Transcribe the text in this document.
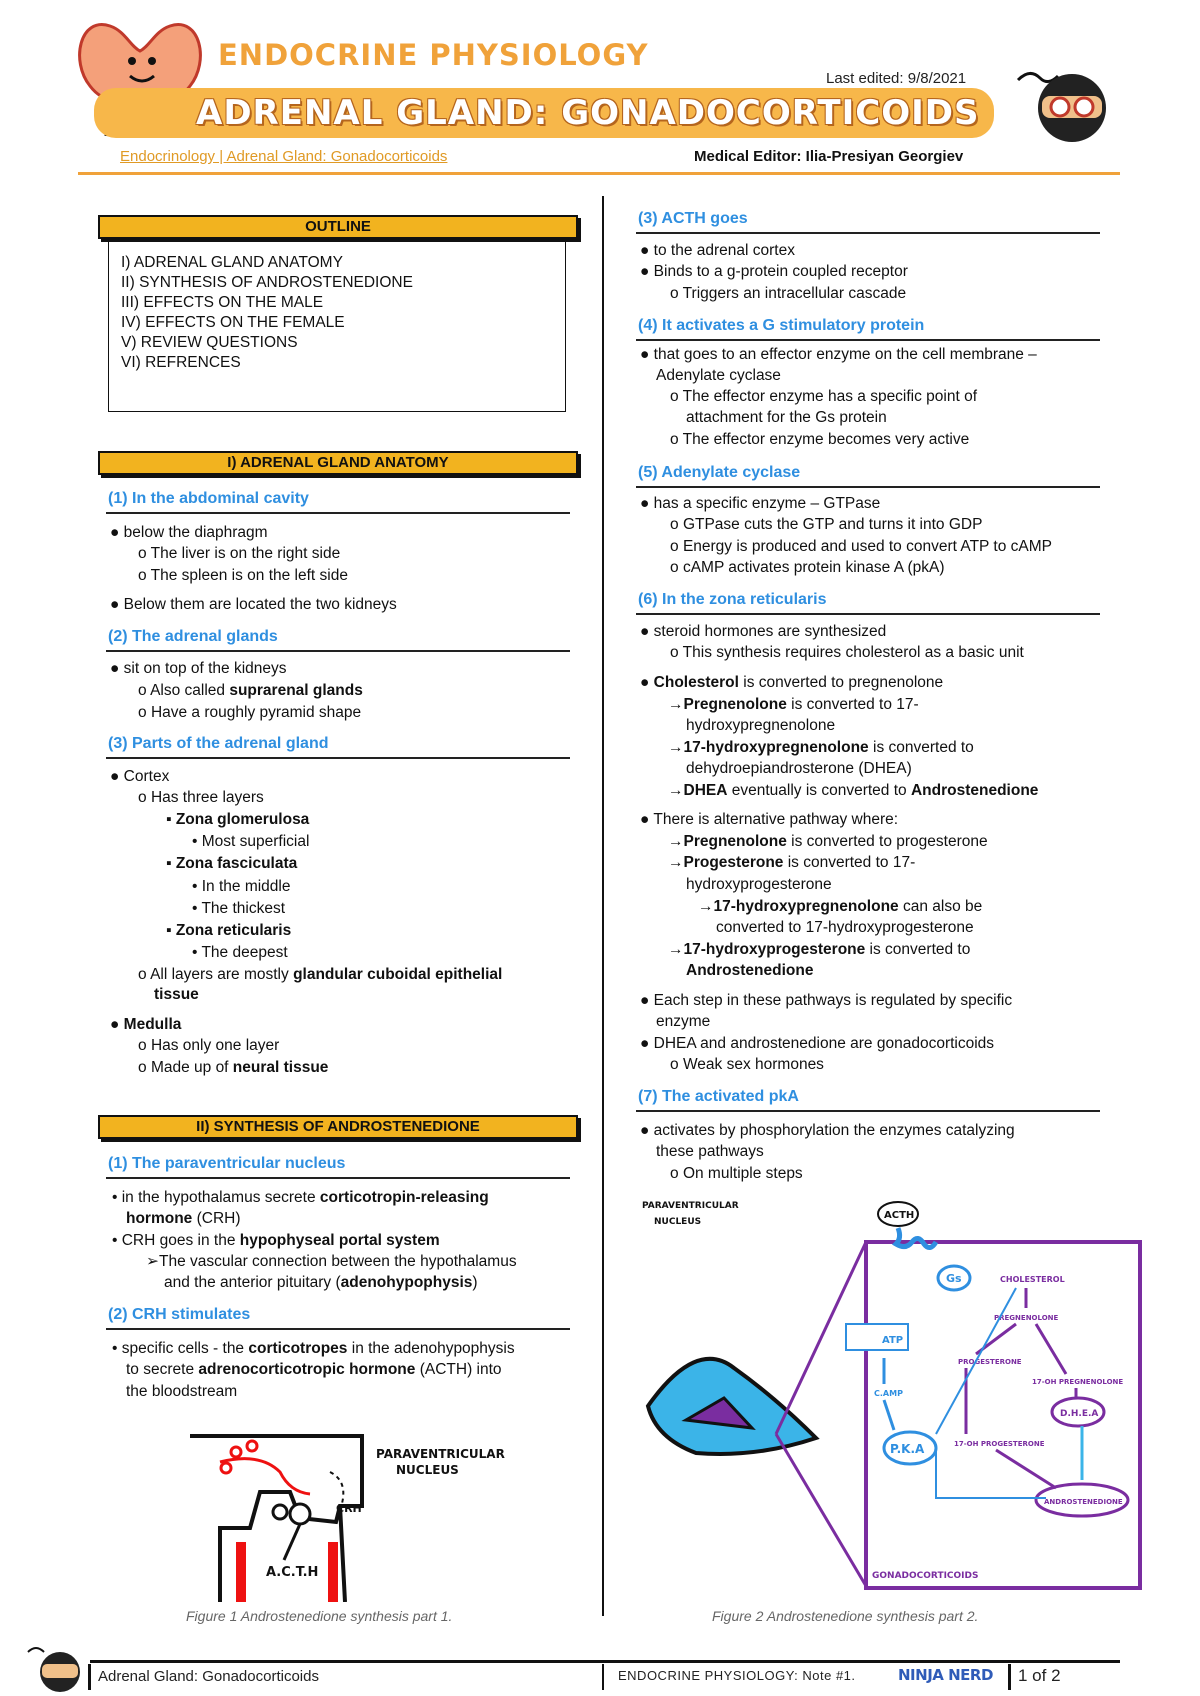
ENDOCRINE PHYSIOLOGY
Last edited: 9/8/2021
ADRENAL GLAND: GONADOCORTICOIDS
Endocrinology | Adrenal Gland: Gonadocorticoids	Medical Editor: Ilia-Presiyan Georgiev
OUTLINE
I) ADRENAL GLAND ANATOMY
II) SYNTHESIS OF ANDROSTENEDIONE
III) EFFECTS ON THE MALE
IV) EFFECTS ON THE FEMALE
V) REVIEW QUESTIONS
VI) REFRENCES
I) ADRENAL GLAND ANATOMY
(1) In the abdominal cavity
● below the diaphragm
o The liver is on the right side
o The spleen is on the left side
● Below them are located the two kidneys
(2) The adrenal glands
● sit on top of the kidneys
o Also called suprarenal glands
o Have a roughly pyramid shape
(3) Parts of the adrenal gland
● Cortex
o Has three layers
▪ Zona glomerulosa
• Most superficial
▪ Zona fasciculata
• In the middle
• The thickest
▪ Zona reticularis
• The deepest
o All layers are mostly glandular cuboidal epithelial
tissue
● Medulla
o Has only one layer
o Made up of neural tissue
II) SYNTHESIS OF ANDROSTENEDIONE
(1) The paraventricular nucleus
• in the hypothalamus secrete corticotropin-releasing
hormone (CRH)
• CRH goes in the hypophyseal portal system
➢The vascular connection between the hypothalamus
and the anterior pituitary (adenohypophysis)
(2) CRH stimulates
• specific cells - the corticotropes in the adenohypophysis
to secrete adrenocorticotropic hormone (ACTH) into
the bloodstream
PARAVENTRICULAR
NUCLEUS
CRH
A.C.T.H
Figure 1 Androstenedione synthesis part 1.
(3) ACTH goes
● to the adrenal cortex
● Binds to a g-protein coupled receptor
o Triggers an intracellular cascade
(4) It activates a G stimulatory protein
● that goes to an effector enzyme on the cell membrane –
Adenylate cyclase
o The effector enzyme has a specific point of
attachment for the Gs protein
o The effector enzyme becomes very active
(5) Adenylate cyclase
● has a specific enzyme – GTPase
o GTPase cuts the GTP and turns it into GDP
o Energy is produced and used to convert ATP to cAMP
o cAMP activates protein kinase A (pkA)
(6) In the zona reticularis
● steroid hormones are synthesized
o This synthesis requires cholesterol as a basic unit
● Cholesterol is converted to pregnenolone
→Pregnenolone is converted to 17-
hydroxypregnenolone
→17-hydroxypregnenolone is converted to
dehydroepiandrosterone (DHEA)
→DHEA eventually is converted to Androstenedione
● There is alternative pathway where:
→Pregnenolone is converted to progesterone
→Progesterone is converted to 17-
hydroxyprogesterone
→17-hydroxypregnenolone can also be
converted to 17-hydroxyprogesterone
→17-hydroxyprogesterone is converted to
Androstenedione
● Each step in these pathways is regulated by specific
enzyme
● DHEA and androstenedione are gonadocorticoids
o Weak sex hormones
(7) The activated pkA
● activates by phosphorylation the enzymes catalyzing
these pathways
o On multiple steps
PARAVENTRICULAR
NUCLEUS
ACTH
Gs
ATP
C.AMP
P.K.A
CHOLESTEROL
PREGNENOLONE
PROGESTERONE
17-OH PREGNENOLONE
D.H.E.A
17-OH PROGESTERONE
ANDROSTENEDIONE
GONADOCORTICOIDS
Figure 2 Androstenedione synthesis part 2.
Adrenal Gland: Gonadocorticoids	ENDOCRINE PHYSIOLOGY: Note #1.	NINJA NERD 1 of 2
